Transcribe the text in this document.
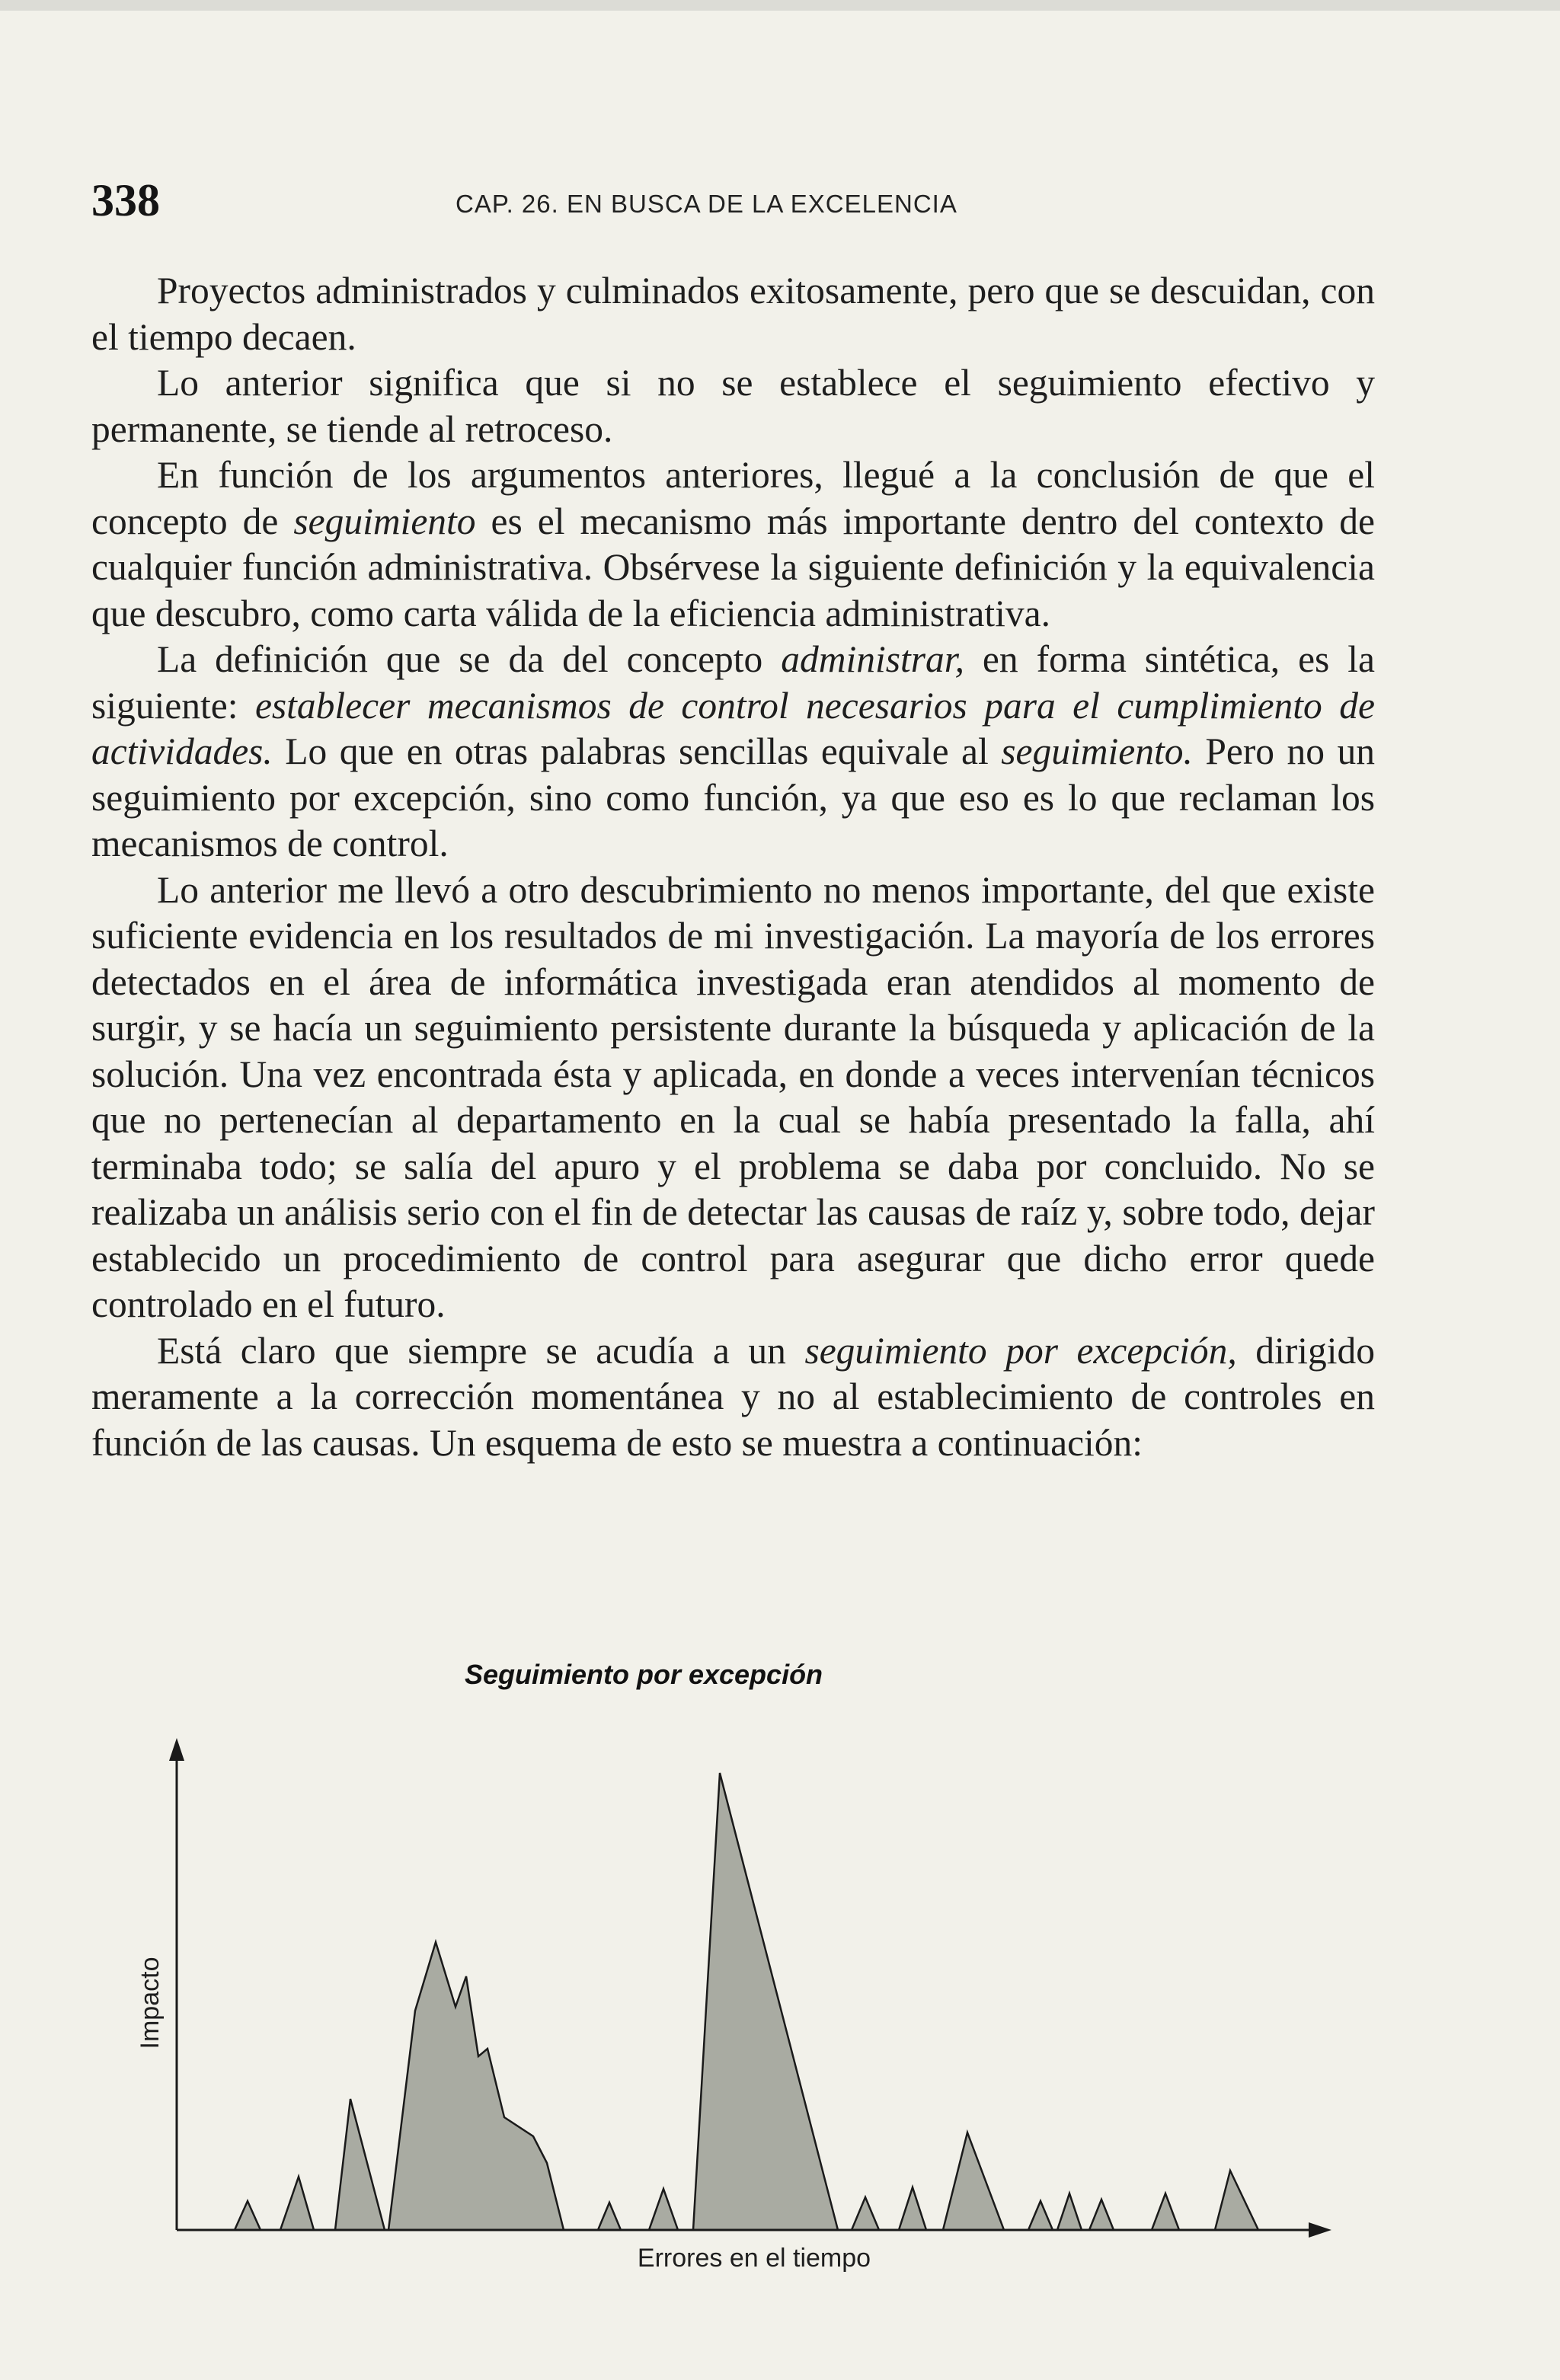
338	CAP. 26. EN BUSCA DE LA EXCELENCIA

Proyectos administrados y culminados exitosamente, pero que se descuidan, con el tiempo decaen.

Lo anterior significa que si no se establece el seguimiento efectivo y permanente, se tiende al retroceso.

En función de los argumentos anteriores, llegué a la conclusión de que el concepto de seguimiento es el mecanismo más importante dentro del contexto de cualquier función administrativa. Obsérvese la siguiente definición y la equivalencia que descubro, como carta válida de la eficiencia administrativa.

La definición que se da del concepto administrar, en forma sintética, es la siguiente: establecer mecanismos de control necesarios para el cumplimiento de actividades. Lo que en otras palabras sencillas equivale al seguimiento. Pero no un seguimiento por excepción, sino como función, ya que eso es lo que reclaman los mecanismos de control.

Lo anterior me llevó a otro descubrimiento no menos importante, del que existe suficiente evidencia en los resultados de mi investigación. La mayoría de los errores detectados en el área de informática investigada eran atendidos al momento de surgir, y se hacía un seguimiento persistente durante la búsqueda y aplicación de la solución. Una vez encontrada ésta y aplicada, en donde a veces intervenían técnicos que no pertenecían al departamento en la cual se había presentado la falla, ahí terminaba todo; se salía del apuro y el problema se daba por concluido. No se realizaba un análisis serio con el fin de detectar las causas de raíz y, sobre todo, dejar establecido un procedimiento de control para asegurar que dicho error quede controlado en el futuro.

Está claro que siempre se acudía a un seguimiento por excepción, dirigido meramente a la corrección momentánea y no al establecimiento de controles en función de las causas. Un esquema de esto se muestra a continuación:

Seguimiento por excepción
Impacto
Errores en el tiempo
